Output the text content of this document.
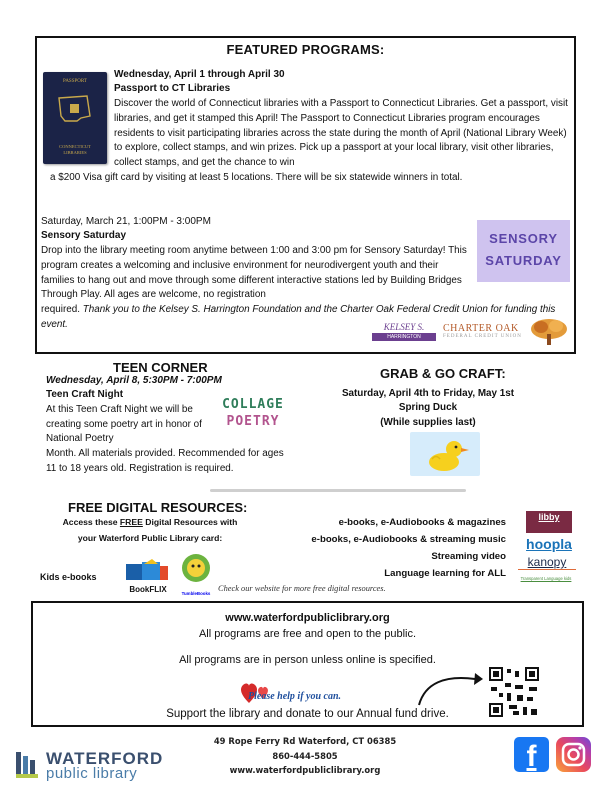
FEATURED PROGRAMS:
PASSPORT
CONNECTICUT
LIBRARIES
Wednesday, April 1 through April 30
Passport to CT Libraries

Discover the world of Connecticut libraries with a Passport to Connecticut Libraries. Get a passport, visit libraries, and get it stamped this April! The Passport to Connecticut Libraries program encourages residents to visit participating libraries across the state during the month of April (National Library Week) to explore, collect stamps, and win prizes. Pick up a passport at your local library, visit other libraries, collect stamps, and get the chance to win

a $200 Visa gift card by visiting at least 5 locations. There will be six statewide winners in total.

Saturday, March 21, 1:00PM - 3:00PM
Sensory Saturday

Drop into the library meeting room anytime between 1:00 and 3:00 pm for Sensory Saturday! This program creates a welcoming and inclusive environment for neurodivergent youth and their families to hang out and move through some different interactive stations led by Building Bridges Through Play. All ages are welcome, no registration

required. Thank you to the Kelsey S. Harrington Foundation and the Charter Oak Federal Credit Union for funding this event.

SENSORY
SATURDAY
KELSEY S.
HARRINGTON
CHARTER OAK
FEDERAL CREDIT UNION
TEEN CORNER
Wednesday, April 8, 5:30PM - 7:00PM
Teen Craft Night

At this Teen Craft Night we will be creating some poetry art in honor of National Poetry

Month. All materials provided. Recommended for ages 11 to 18 years old. Registration is required.

COLLAGE
POETRY
GRAB & GO CRAFT:
Saturday, April 4th to Friday, May 1st
Spring Duck
(While supplies last)
FREE DIGITAL RESOURCES:
Access these FREE Digital Resources with
your Waterford Public Library card:
Kids e-books
BookFLIX	TumbleBooks
Check our website for more free digital resources.
e-books, e-Audiobooks & magazines
e-books, e-Audiobooks & streaming music
Streaming video
Language learning for ALL
libby
hoopla
kanopy
Transparent Language kids
www.waterfordpubliclibrary.org
All programs are free and open to the public.
All programs are in person unless online is specified.
Please help if you can.
Support the library and donate to our Annual fund drive.
WATERFORD
public library
49 Rope Ferry Rd Waterford, CT 06385
860-444-5805
www.waterfordpubliclibrary.org	f
